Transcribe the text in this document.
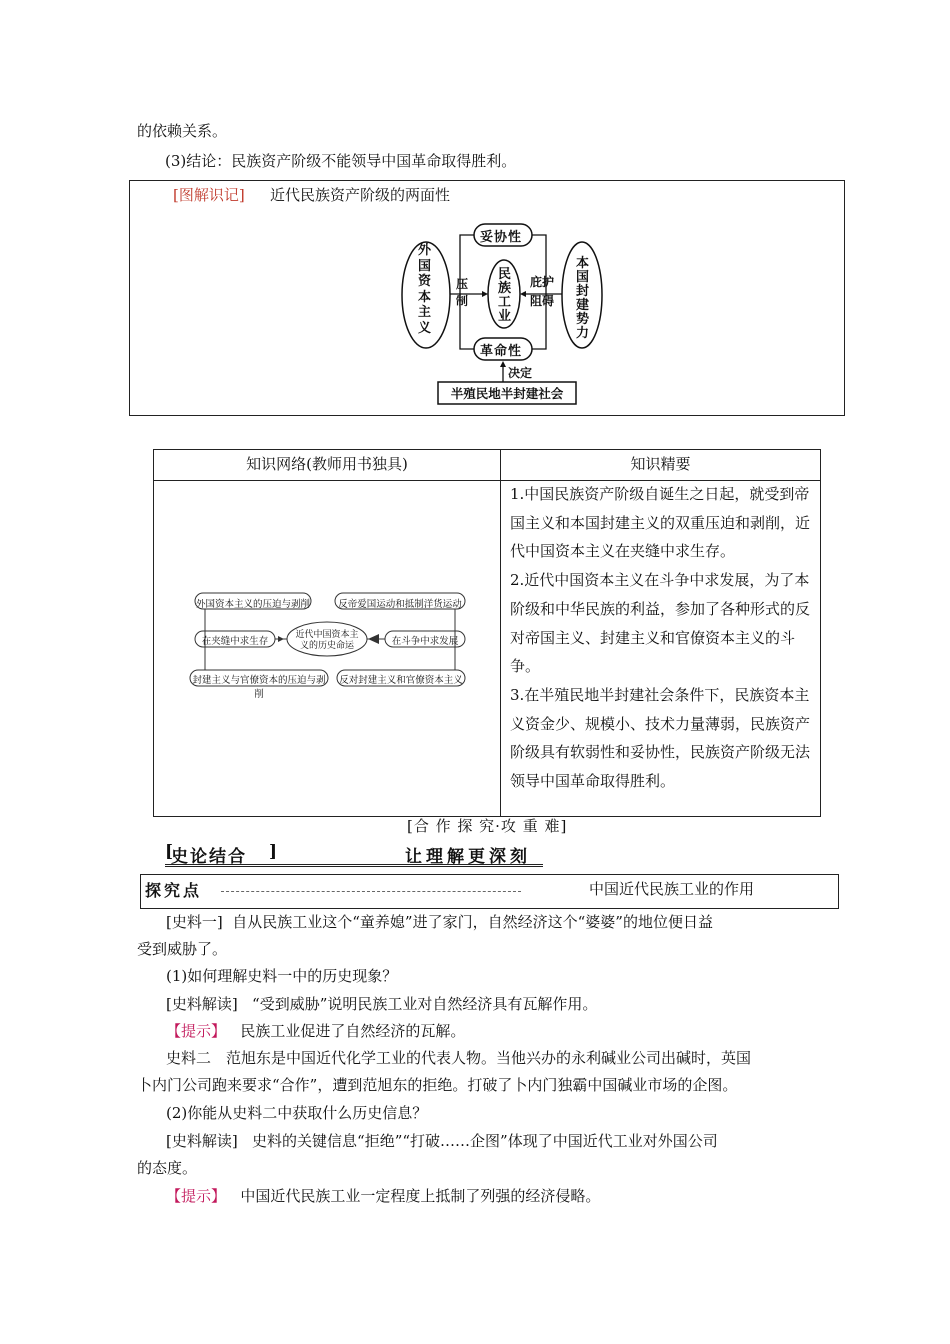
的依赖关系。
(3)结论：民族资产阶级不能领导中国革命取得胜利。
[图解识记] 近代民族资产阶级的两面性
外国资本主义
民族工业
本国封建势力
妥协性
革命性
压制
庇护
阻碍
决定
半殖民地半封建社会
知识网络(教师用书独具)	知识精要

1.中国民族资产阶级自诞生之日起，就受到帝国主义和本国封建主义的双重压迫和剥削，近代中国资本主义在夹缝中求生存。

2.近代中国资本主义在斗争中求发展，为了本阶级和中华民族的利益，参加了各种形式的反对帝国主义、封建主义和官僚资本主义的斗争。

3.在半殖民地半封建社会条件下，民族资本主义资金少、规模小、技术力量薄弱，民族资产阶级具有软弱性和妥协性，民族资产阶级无法领导中国革命取得胜利。

外国资本主义的压迫与剥削
在夹缝中求生存
封建主义与官僚资本的压迫与剥削
反帝爱国运动和抵制洋货运动
在斗争中求发展
反对封建主义和官僚资本主义
近代中国资本主义的历史命运
[合 作 探 究·攻 重 难]
史论结合	让理解更深刻
[	]
探究点	中国近代民族工业的作用
[史料一] 自从民族工业这个“童养媳”进了家门，自然经济这个“婆婆”的地位便日益
受到威胁了。
(1)如何理解史料一中的历史现象？
[史料解读] “受到威胁”说明民族工业对自然经济具有瓦解作用。
【提示】 民族工业促进了自然经济的瓦解。
史料二　范旭东是中国近代化学工业的代表人物。当他兴办的永利碱业公司出碱时，英国
卜内门公司跑来要求“合作”，遭到范旭东的拒绝。打破了卜内门独霸中国碱业市场的企图。
(2)你能从史料二中获取什么历史信息？
[史料解读] 史料的关键信息“拒绝”“打破……企图”体现了中国近代工业对外国公司
的态度。
【提示】 中国近代民族工业一定程度上抵制了列强的经济侵略。
